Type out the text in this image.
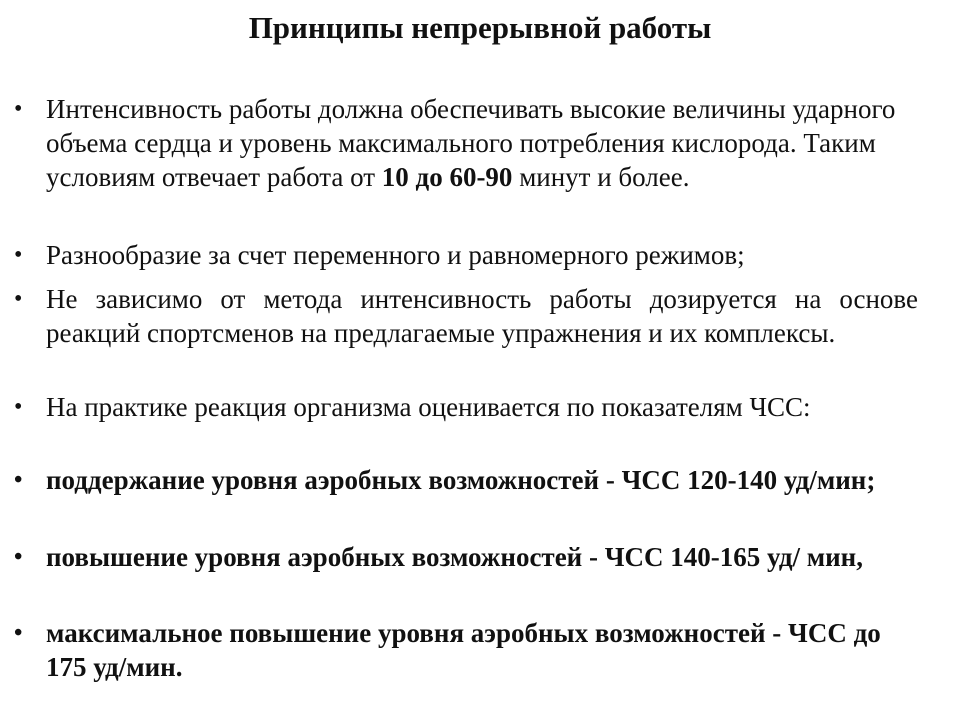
Принципы непрерывной работы
• Интенсивность работы должна обеспечивать высокие величины ударного объема сердца и уровень максимального потребления кислорода. Таким условиям отвечает работа от 10 до 60-90 минут и более.
• Разнообразие за счет переменного и равномерного режимов;
• Не зависимо от метода интенсивность работы дозируется на основе реакций спортсменов на предлагаемые упражнения и их комплексы.
• На практике реакция организма оценивается по показателям ЧСС:
• поддержание уровня аэробных возможностей - ЧСС 120-140 уд/мин;
• повышение уровня аэробных возможностей - ЧСС 140-165 уд/ мин,
• максимальное повышение уровня аэробных возможностей - ЧСС до 175 уд/мин.
